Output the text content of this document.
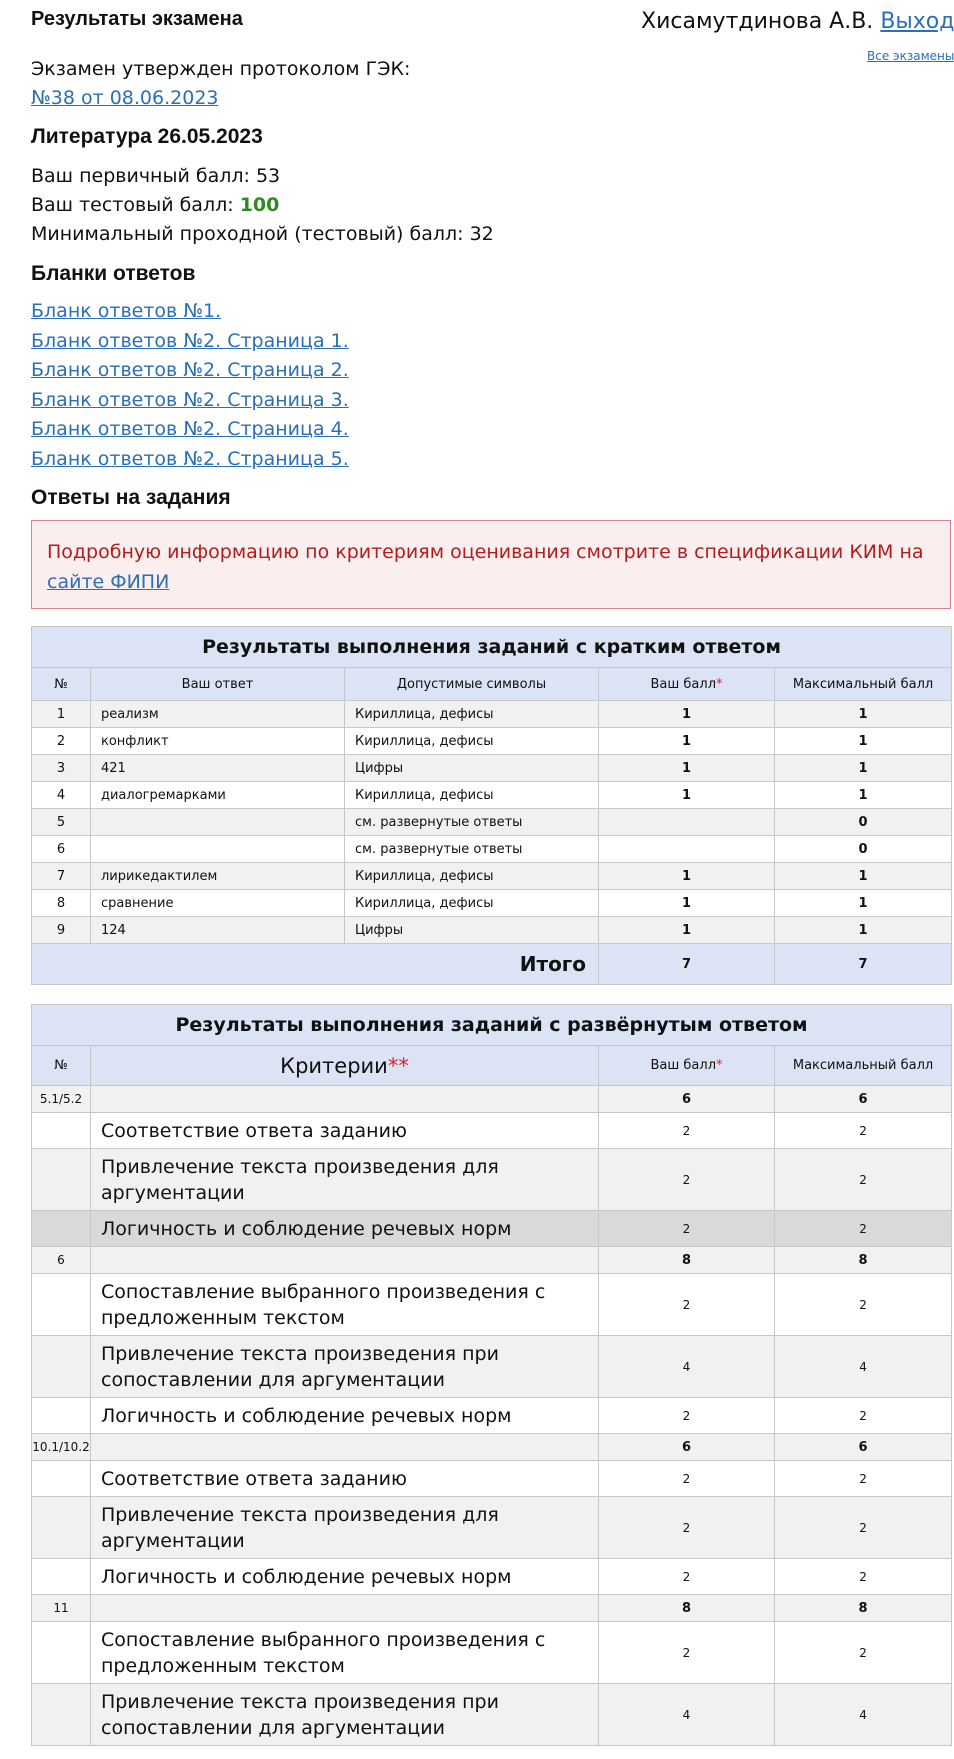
Результаты экзамена	Хисамутдинова А.В. Выход
Все экзамены
Экзамен утвержден протоколом ГЭК:
№38 от 08.06.2023
Литература 26.05.2023
Ваш первичный балл: 53
Ваш тестовый балл: 100
Минимальный проходной (тестовый) балл: 32
Бланки ответов
Бланк ответов №1.
Бланк ответов №2. Страница 1.
Бланк ответов №2. Страница 2.
Бланк ответов №2. Страница 3.
Бланк ответов №2. Страница 4.
Бланк ответов №2. Страница 5.
Ответы на задания
Подробную информацию по критериям оценивания смотрите в спецификации КИМ на сайте ФИПИ
Результаты выполнения заданий с кратким ответом				
№	Ваш ответ	Допустимые символы	Ваш балл*	Максимальный балл
1	реализм	Кириллица, дефисы	1	1
2	конфликт	Кириллица, дефисы	1	1
3	421	Цифры	1	1
4	диалогремарками	Кириллица, дефисы	1	1
5		см. развернутые ответы		0
6		см. развернутые ответы		0
7	лирикедактилем	Кириллица, дефисы	1	1
8	сравнение	Кириллица, дефисы	1	1
9	124	Цифры	1	1
Итого			7	7
Результаты выполнения заданий с развёрнутым ответом			
№	Критерии**	Ваш балл*	Максимальный балл
5.1/5.2		6	6
	Соответствие ответа заданию	2	2
	Привлечение текста произведения для аргументации	2	2
	Логичность и соблюдение речевых норм	2	2
6		8	8
	Сопоставление выбранного произведения с предложенным текстом	2	2
	Привлечение текста произведения при сопоставлении для аргументации	4	4
	Логичность и соблюдение речевых норм	2	2
10.1/10.2		6	6
	Соответствие ответа заданию	2	2
	Привлечение текста произведения для аргументации	2	2
	Логичность и соблюдение речевых норм	2	2
11		8	8
	Сопоставление выбранного произведения с предложенным текстом	2	2
	Привлечение текста произведения при сопоставлении для аргументации	4	4
